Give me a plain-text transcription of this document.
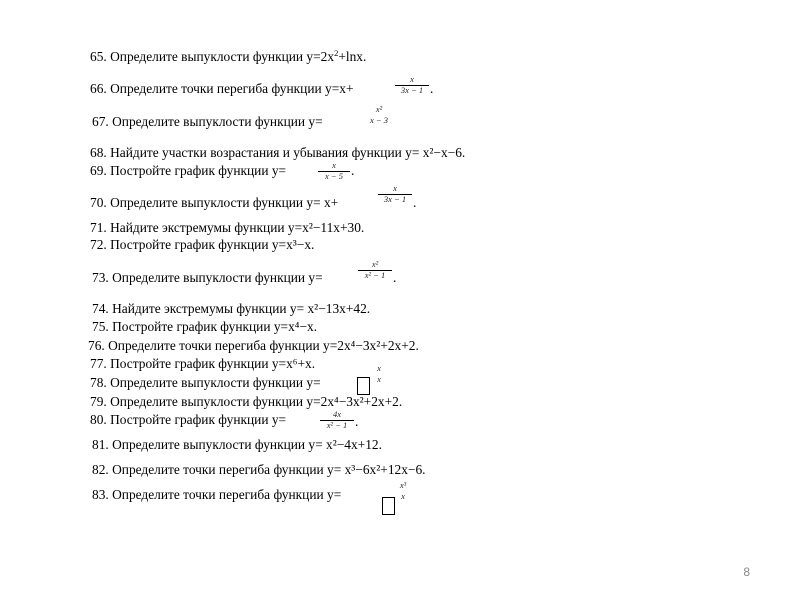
65. Определите выпуклости функции $y=2x^2+\ln x$.
66. Определите точки перегиба функции y=x+
x
3x − 1 .
67. Определите выпуклости функции y=
x²
x − 3
68. Найдите участки возрастания и убывания функции y= x²−x−6.
69. Постройте график функции y=	x
x − 5 .
70. Определите выпуклости функции y= x+
x
3x − 1 .
71. Найдите экстремумы функции y=x²−11x+30.
72. Постройте график функции y=x³−x.
73. Определите выпуклости функции y=
x²
x² − 1 .
74. Найдите экстремумы функции y= x²−13x+42.
75. Постройте график функции y=x⁴−x.
76. Определите точки перегиба функции y=2x⁴−3x²+2x+2.
77. Постройте график функции y=x⁶+x.
78. Определите выпуклости функции y=
x
x
79. Определите выпуклости функции y=2x⁴−3x²+2x+2.
80. Постройте график функции y=	4x
x² − 1 .
81. Определите выпуклости функции y= x²−4x+12.
82. Определите точки перегиба функции y= x³−6x²+12x−6.
83. Определите точки перегиба функции y=
x³
x
8
